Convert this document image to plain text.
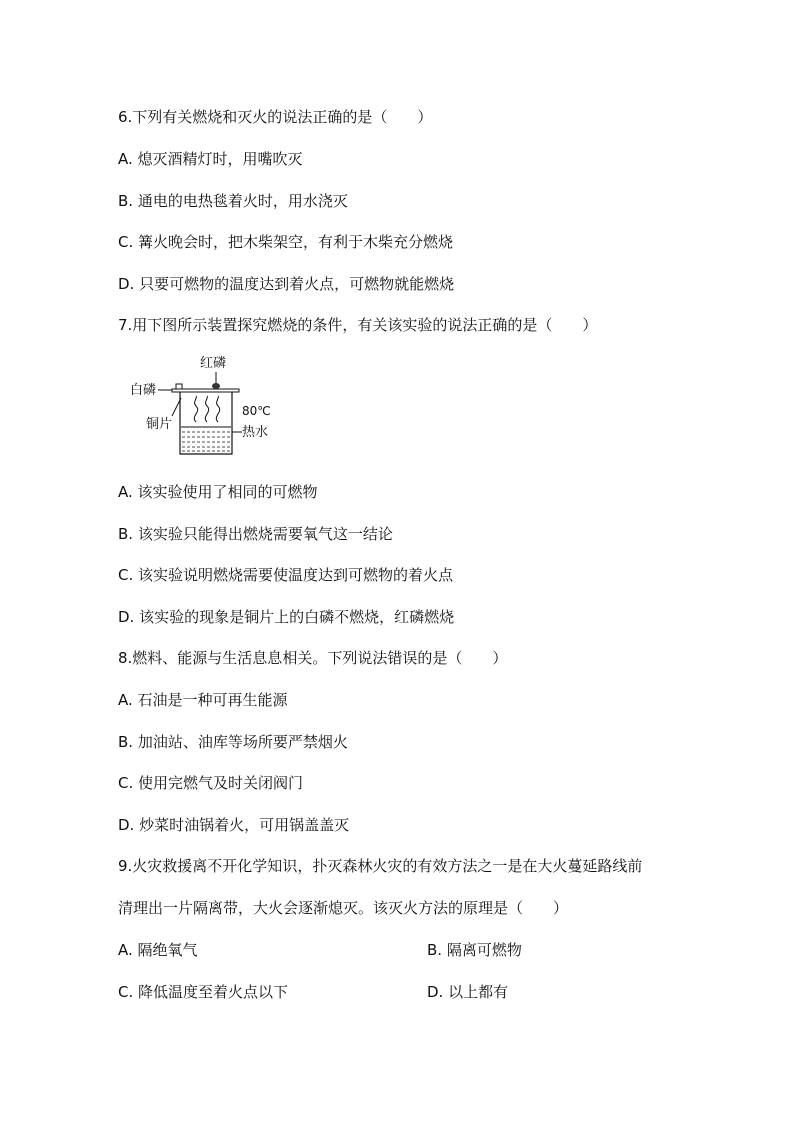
6.下列有关燃烧和灭火的说法正确的是（　　）
A. 熄灭酒精灯时，用嘴吹灭
B. 通电的电热毯着火时，用水浇灭
C. 篝火晚会时，把木柴架空，有利于木柴充分燃烧
D. 只要可燃物的温度达到着火点，可燃物就能燃烧
7.用下图所示装置探究燃烧的条件，有关该实验的说法正确的是（　　）
红磷
白磷
80℃
热水
铜片
A. 该实验使用了相同的可燃物
B. 该实验只能得出燃烧需要氧气这一结论
C. 该实验说明燃烧需要使温度达到可燃物的着火点
D. 该实验的现象是铜片上的白磷不燃烧，红磷燃烧
8.燃料、能源与生活息息相关。下列说法错误的是（　　）
A. 石油是一种可再生能源
B. 加油站、油库等场所要严禁烟火
C. 使用完燃气及时关闭阀门
D. 炒菜时油锅着火，可用锅盖盖灭
9.火灾救援离不开化学知识，扑灭森林火灾的有效方法之一是在大火蔓延路线前
清理出一片隔离带，大火会逐渐熄灭。该灭火方法的原理是（　　）
A. 隔绝氧气	B. 隔离可燃物
C. 降低温度至着火点以下	D. 以上都有
